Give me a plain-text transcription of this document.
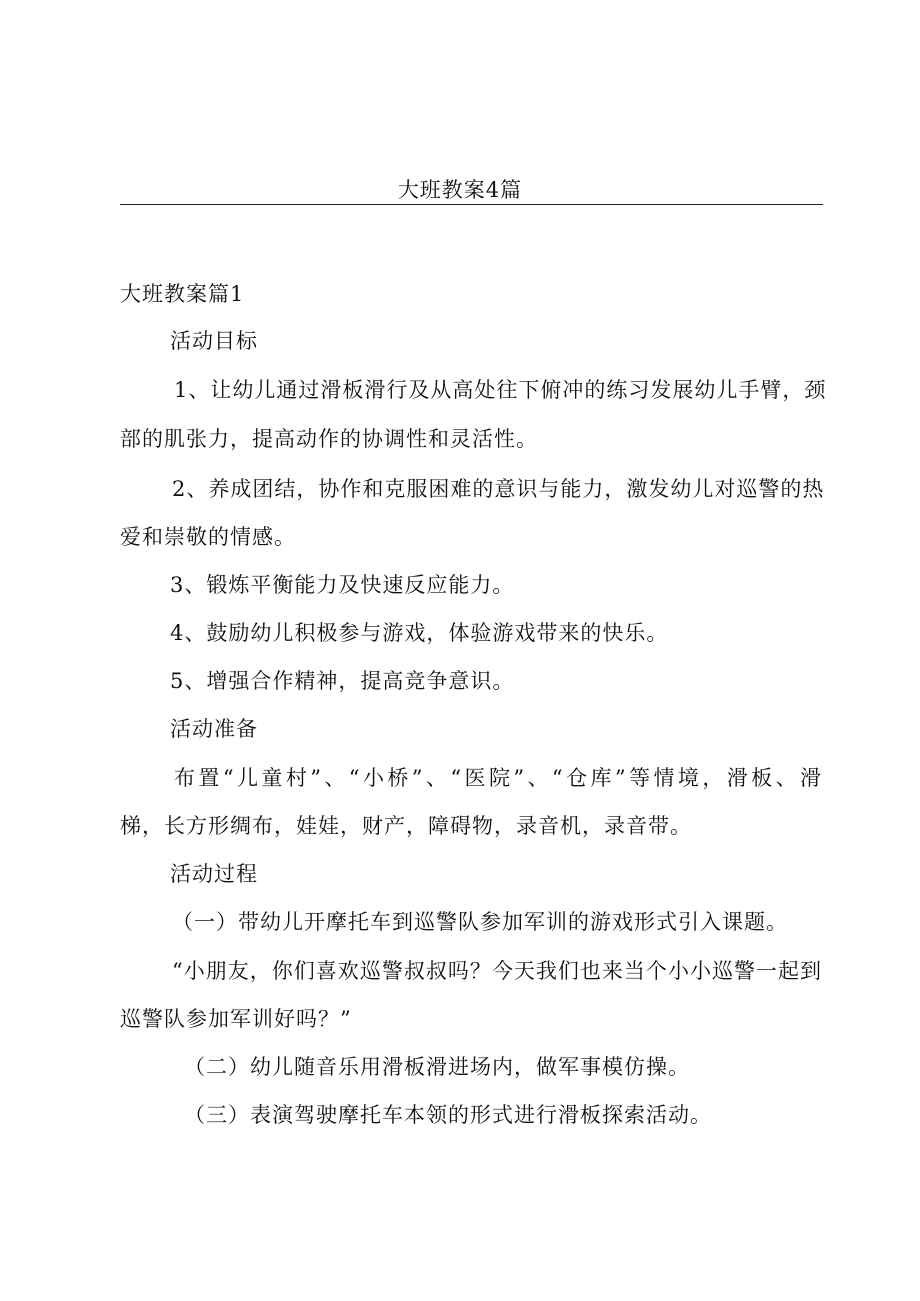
大班教案4篇
大班教案篇1
活动目标
1、让幼儿通过滑板滑行及从高处往下俯冲的练习发展幼儿手臂，颈
部的肌张力，提高动作的协调性和灵活性。
2、养成团结，协作和克服困难的意识与能力，激发幼儿对巡警的热
爱和崇敬的情感。
3、锻炼平衡能力及快速反应能力。
4、鼓励幼儿积极参与游戏，体验游戏带来的快乐。
5、增强合作精神，提高竞争意识。
活动准备
布置“儿童村”、“小桥”、“医院”、“仓库”等情境，滑板、滑
梯，长方形绸布，娃娃，财产，障碍物，录音机，录音带。
活动过程
（一）带幼儿开摩托车到巡警队参加军训的游戏形式引入课题。
“小朋友，你们喜欢巡警叔叔吗？今天我们也来当个小小巡警一起到
巡警队参加军训好吗？”
（二）幼儿随音乐用滑板滑进场内，做军事模仿操。
（三）表演驾驶摩托车本领的形式进行滑板探索活动。
